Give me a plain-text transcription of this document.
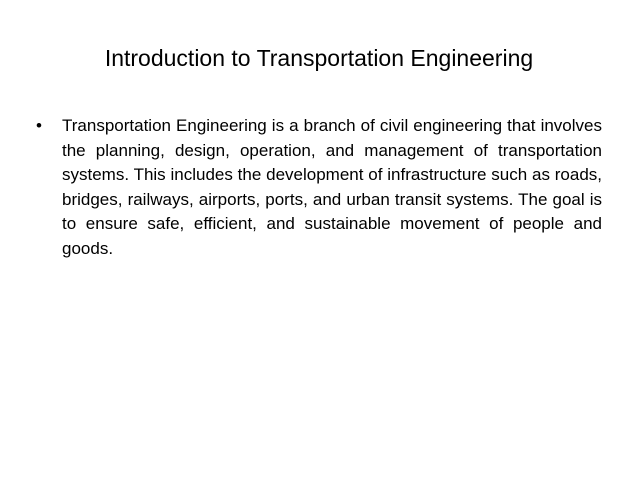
Introduction to Transportation Engineering
• Transportation Engineering is a branch of civil engineering that involves the planning, design, operation, and management of transportation systems. This includes the development of infrastructure such as roads, bridges, railways, airports, ports, and urban transit systems. The goal is to ensure safe, efficient, and sustainable movement of people and goods.
